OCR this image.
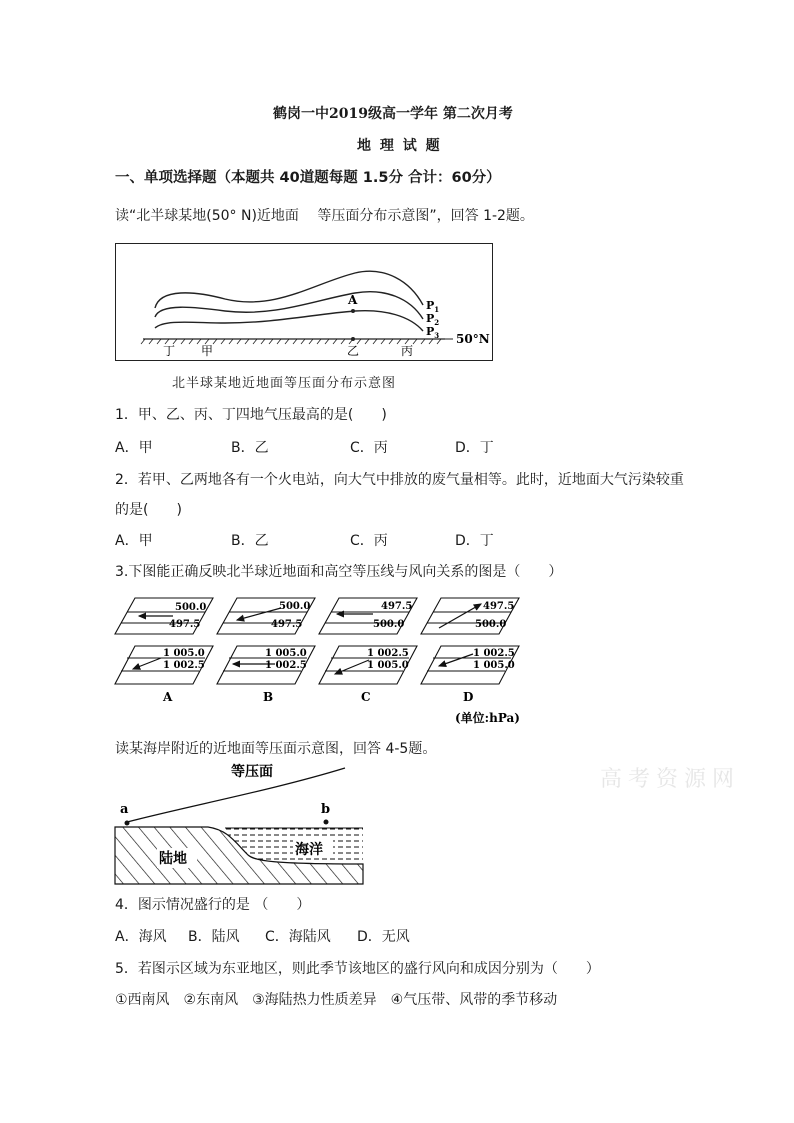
鹤岗一中2019级高一学年 第二次月考
地 理 试 题
一、单项选择题（本题共 40道题每题 1.5分 合计：60分）
读“北半球某地(50° N)近地面　 等压面分布示意图”，回答 1-2题。
A	$P_1$
$P_2$
$P_3$ 50°N
丁 甲	乙	丙
北半球某地近地面等压面分布示意图
1．甲、乙、丙、丁四地气压最高的是(　　)
A．甲	B．乙	C．丙	D．丁
2．若甲、乙两地各有一个火电站，向大气中排放的废气量相等。此时，近地面大气污染较重
的是(　　)
A．甲	B．乙	C．丙	D．丁
3.下图能正确反映北半球近地面和高空等压线与风向关系的图是（　　）
500.0
497.5
1 005.0
1 002.5
A
500.0
497.5
1 005.0
1 002.5
B
497.5
500.0
1 002.5
1 005.0
C
497.5
500.0
1 002.5
1 005.0
D
(单位:hPa)
读某海岸附近的近地面等压面示意图，回答 4-5题。
等压面
a	b
陆地
海洋
高考资源网
4．图示情况盛行的是 （　　）
A．海风 B．陆风 C．海陆风 D．无风
5．若图示区域为东亚地区，则此季节该地区的盛行风向和成因分别为（　　）
①西南风　②东南风　③海陆热力性质差异　④气压带、风带的季节移动
